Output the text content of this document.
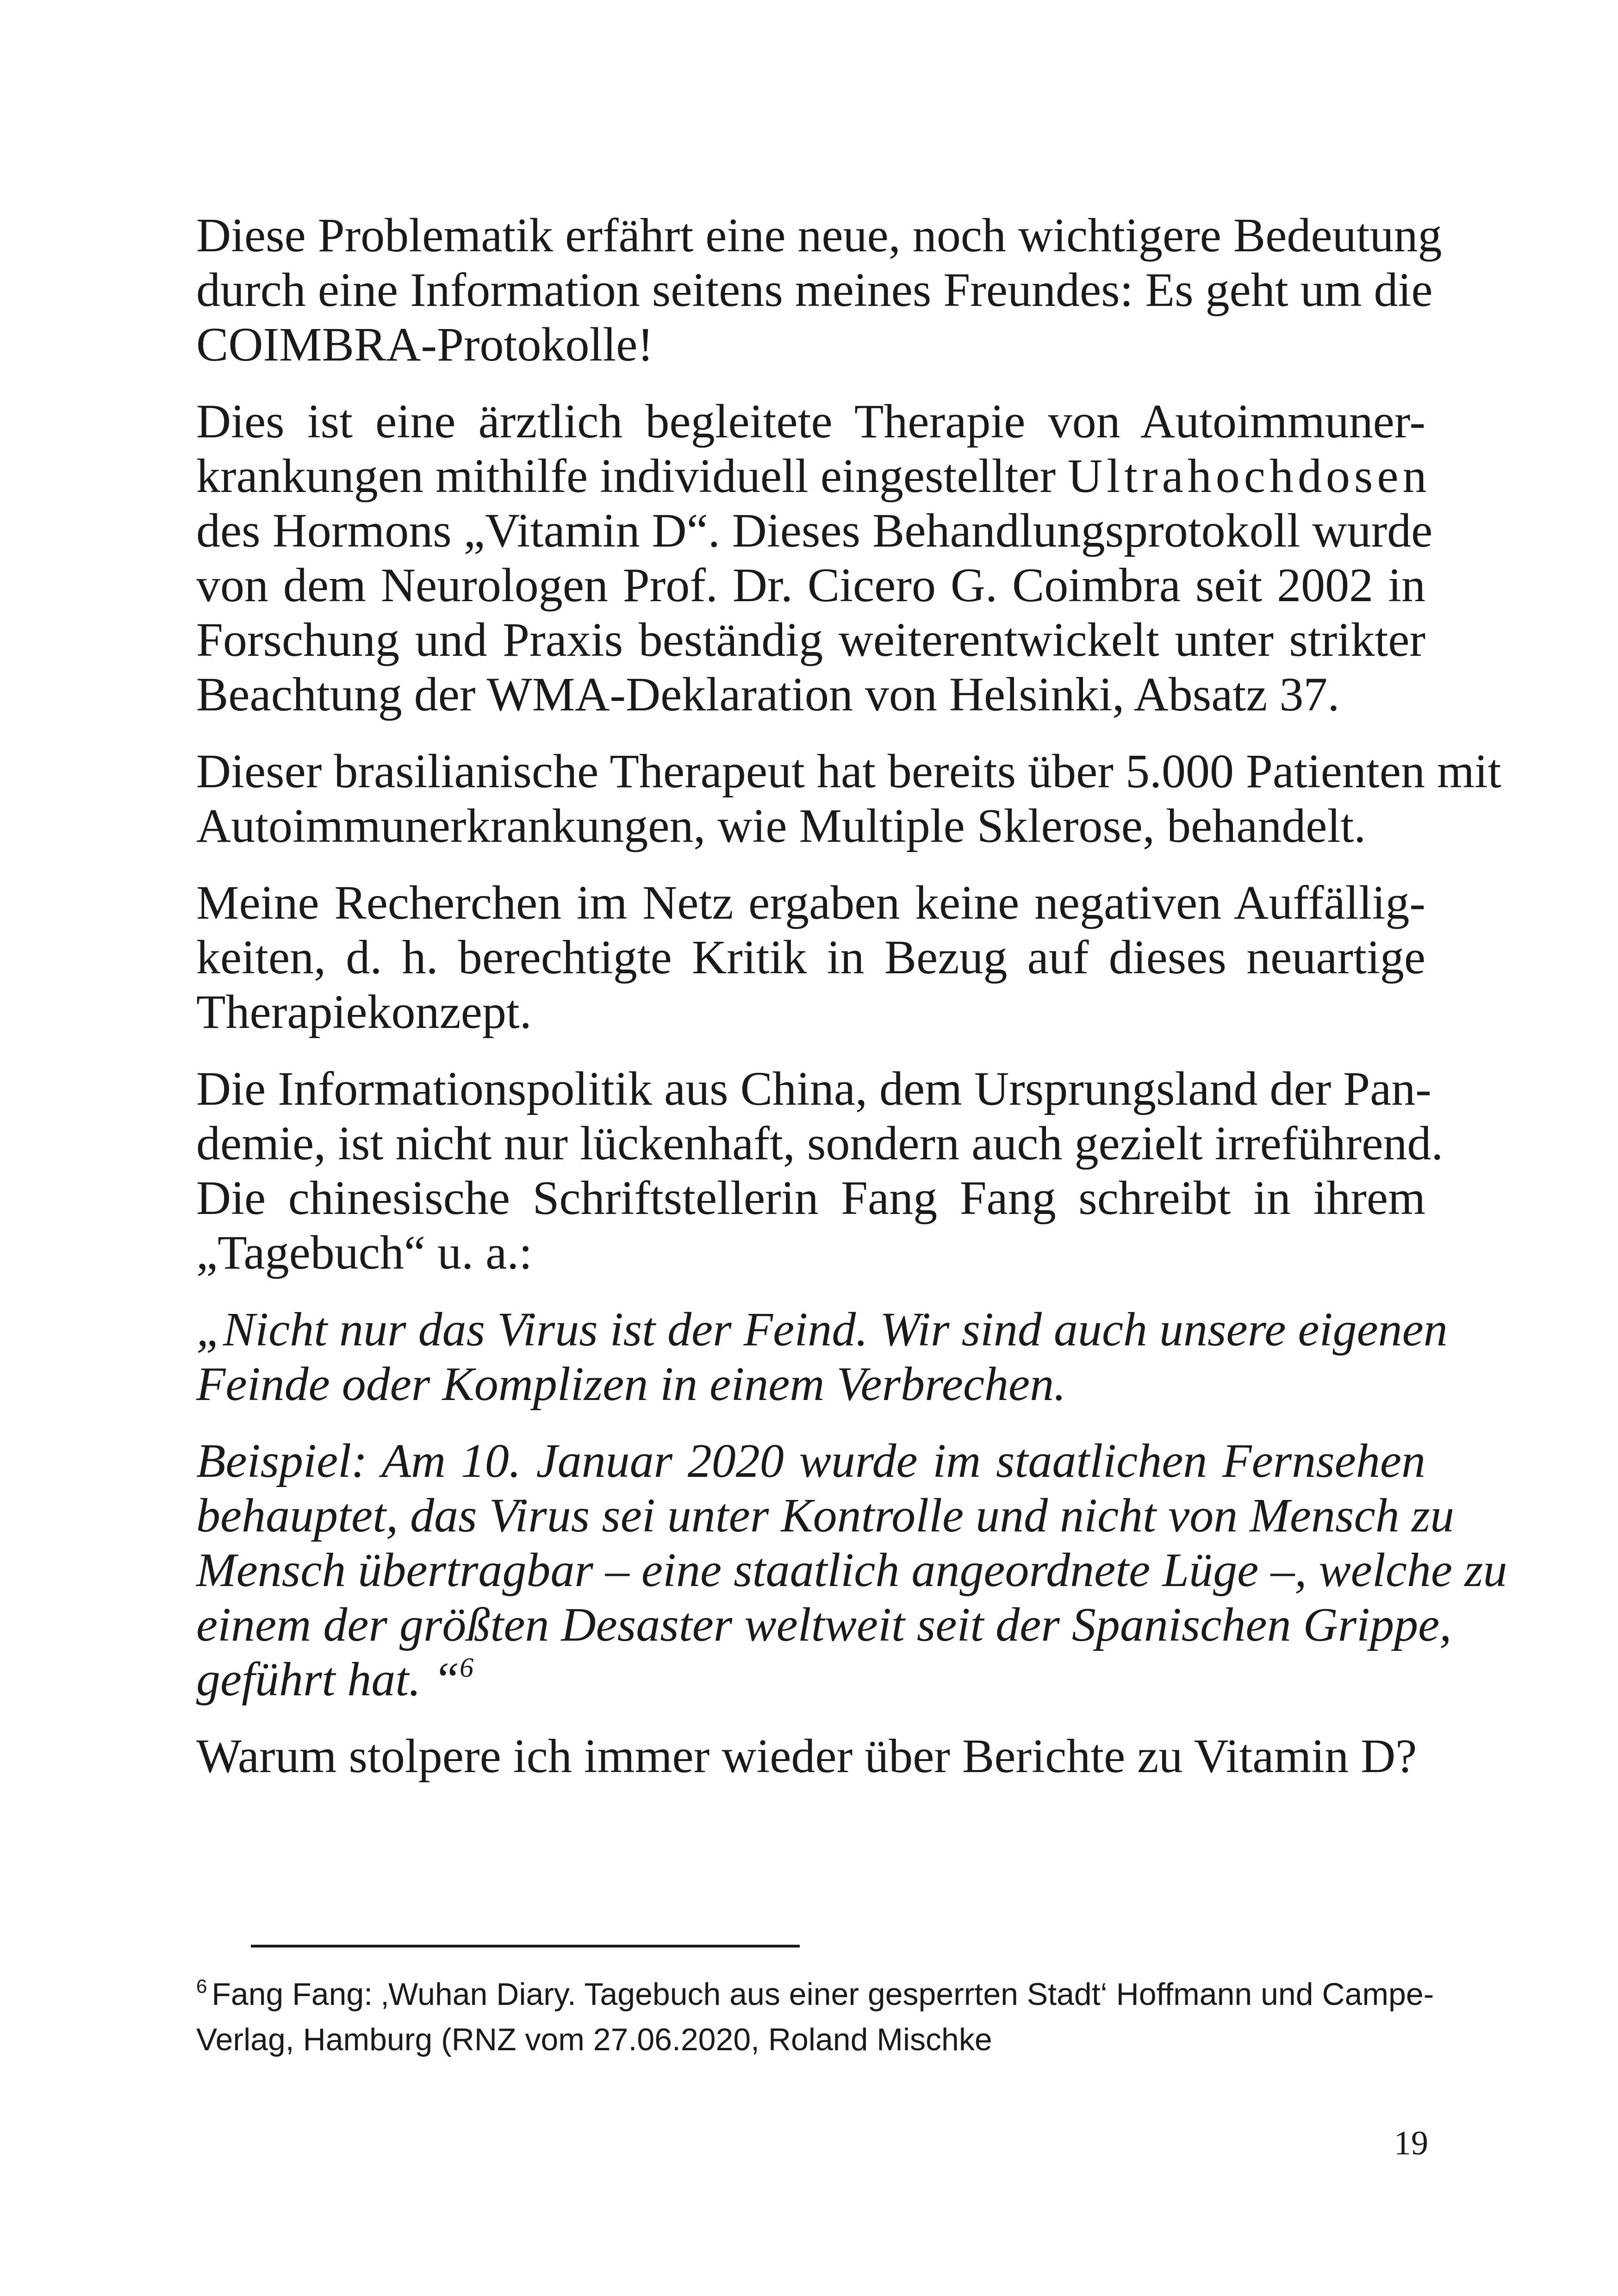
Diese Problematik erfährt eine neue, noch wichtigere Bedeutung
durch eine Information seitens meines Freundes: Es geht um die
COIMBRA-Protokolle!

Dies ist eine ärztlich begleitete Therapie von Autoimmuner-
krankungen mithilfe individuell eingestellter Ultrahochdosen
des Hormons „Vitamin D“. Dieses Behandlungsprotokoll wurde
von dem Neurologen Prof. Dr. Cicero G. Coimbra seit 2002 in
Forschung und Praxis beständig weiterentwickelt unter strikter
Beachtung der WMA-Deklaration von Helsinki, Absatz 37.

Dieser brasilianische Therapeut hat bereits über 5.000 Patienten mit
Autoimmunerkrankungen, wie Multiple Sklerose, behandelt.

Meine Recherchen im Netz ergaben keine negativen Auffällig-
keiten, d. h. berechtigte Kritik in Bezug auf dieses neuartige
Therapiekonzept.

Die Informationspolitik aus China, dem Ursprungsland der Pan-
demie, ist nicht nur lückenhaft, sondern auch gezielt irreführend.
Die chinesische Schriftstellerin Fang Fang schreibt in ihrem
„Tagebuch“ u. a.:

„Nicht nur das Virus ist der Feind. Wir sind auch unsere eigenen
Feinde oder Komplizen in einem Verbrechen.

Beispiel: Am 10. Januar 2020 wurde im staatlichen Fernsehen
behauptet, das Virus sei unter Kontrolle und nicht von Mensch zu
Mensch übertragbar – eine staatlich angeordnete Lüge –, welche zu
einem der größten Desaster weltweit seit der Spanischen Grippe,
geführt hat. “$^6$

Warum stolpere ich immer wieder über Berichte zu Vitamin D?

$^6$ Fang Fang: ‚Wuhan Diary. Tagebuch aus einer gesperrten Stadt‘ Hoffmann und Campe-
Verlag, Hamburg (RNZ vom 27.06.2020, Roland Mischke
19
